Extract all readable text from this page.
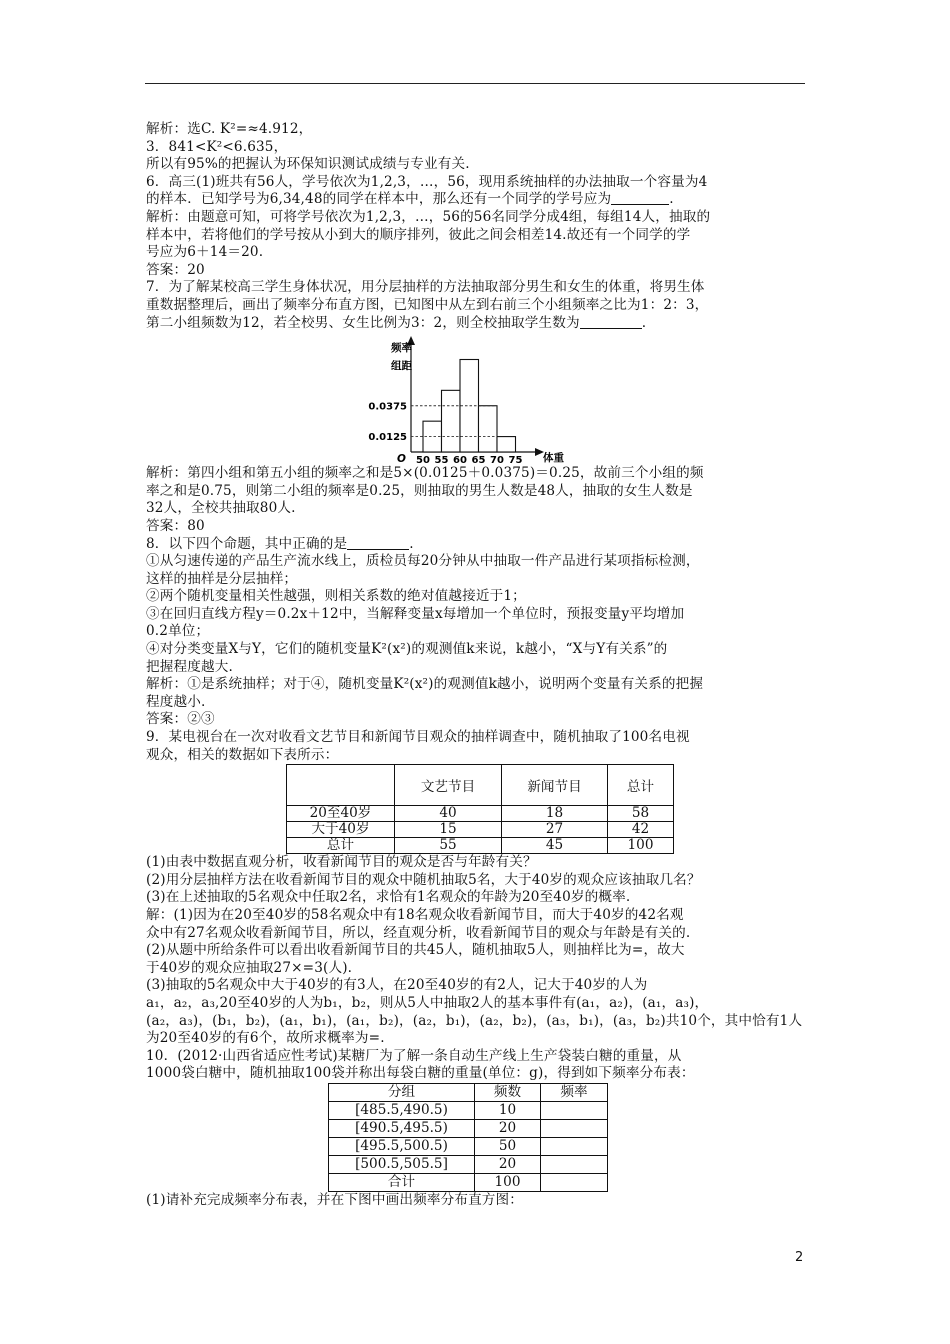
解析：选C. K²=≈4.912，
3．841<K²<6.635，
所以有95%的把握认为环保知识测试成绩与专业有关.
6．高三(1)班共有56人，学号依次为1,2,3，…，56，现用系统抽样的办法抽取一个容量为4
的样本．已知学号为6,34,48的同学在样本中，那么还有一个同学的学号应为	.
解析：由题意可知，可将学号依次为1,2,3，…，56的56名同学分成4组，每组14人，抽取的
样本中，若将他们的学号按从小到大的顺序排列，彼此之间会相差14.故还有一个同学的学
号应为6＋14＝20.
答案：20
7．为了解某校高三学生身体状况，用分层抽样的方法抽取部分男生和女生的体重，将男生体
重数据整理后，画出了频率分布直方图，已知图中从左到右前三个小组频率之比为1：2：3，
第二小组频数为12，若全校男、女生比例为3：2，则全校抽取学生数为	.
频率
组距
O	体重
0.0375
0.0125
50 55 60 65 70 75
解析：第四小组和第五小组的频率之和是5×(0.0125＋0.0375)＝0.25，故前三个小组的频
率之和是0.75，则第二小组的频率是0.25，则抽取的男生人数是48人，抽取的女生人数是
32人，全校共抽取80人.
答案：80
8．以下四个命题，其中正确的是	.
①从匀速传递的产品生产流水线上，质检员每20分钟从中抽取一件产品进行某项指标检测，
这样的抽样是分层抽样；
②两个随机变量相关性越强，则相关系数的绝对值越接近于1；
③在回归直线方程y＝0.2x＋12中，当解释变量x每增加一个单位时，预报变量y平均增加
0.2单位；
④对分类变量X与Y，它们的随机变量K²(x²)的观测值k来说，k越小，“X与Y有关系”的
把握程度越大.
解析：①是系统抽样；对于④，随机变量K²(x²)的观测值k越小，说明两个变量有关系的把握
程度越小.
答案：②③
9．某电视台在一次对收看文艺节目和新闻节目观众的抽样调查中，随机抽取了100名电视
观众，相关的数据如下表所示：
	文艺节目	新闻节目	总计
20至40岁	40	18	58
大于40岁	15	27	42
总计	55	45	100
(1)由表中数据直观分析，收看新闻节目的观众是否与年龄有关？
(2)用分层抽样方法在收看新闻节目的观众中随机抽取5名，大于40岁的观众应该抽取几名？
(3)在上述抽取的5名观众中任取2名，求恰有1名观众的年龄为20至40岁的概率.
解：(1)因为在20至40岁的58名观众中有18名观众收看新闻节目，而大于40岁的42名观
众中有27名观众收看新闻节目，所以，经直观分析，收看新闻节目的观众与年龄是有关的.
(2)从题中所给条件可以看出收看新闻节目的共45人，随机抽取5人，则抽样比为=，故大
于40岁的观众应抽取27×=3(人).
(3)抽取的5名观众中大于40岁的有3人，在20至40岁的有2人，记大于40岁的人为
a₁，a₂，a₃,20至40岁的人为b₁，b₂，则从5人中抽取2人的基本事件有(a₁，a₂)，(a₁，a₃)，
(a₂，a₃)，(b₁，b₂)，(a₁，b₁)，(a₁，b₂)，(a₂，b₁)，(a₂，b₂)，(a₃，b₁)，(a₃，b₂)共10个，其中恰有1人
为20至40岁的有6个，故所求概率为=.
10．(2012·山西省适应性考试)某糖厂为了解一条自动生产线上生产袋装白糖的重量，从
1000袋白糖中，随机抽取100袋并称出每袋白糖的重量(单位：g)，得到如下频率分布表：
分组	频数	频率
[485.5,490.5)	10	
[490.5,495.5)	20	
[495.5,500.5)	50	
[500.5,505.5]	20	
合计	100	
(1)请补充完成频率分布表，并在下图中画出频率分布直方图：
2
